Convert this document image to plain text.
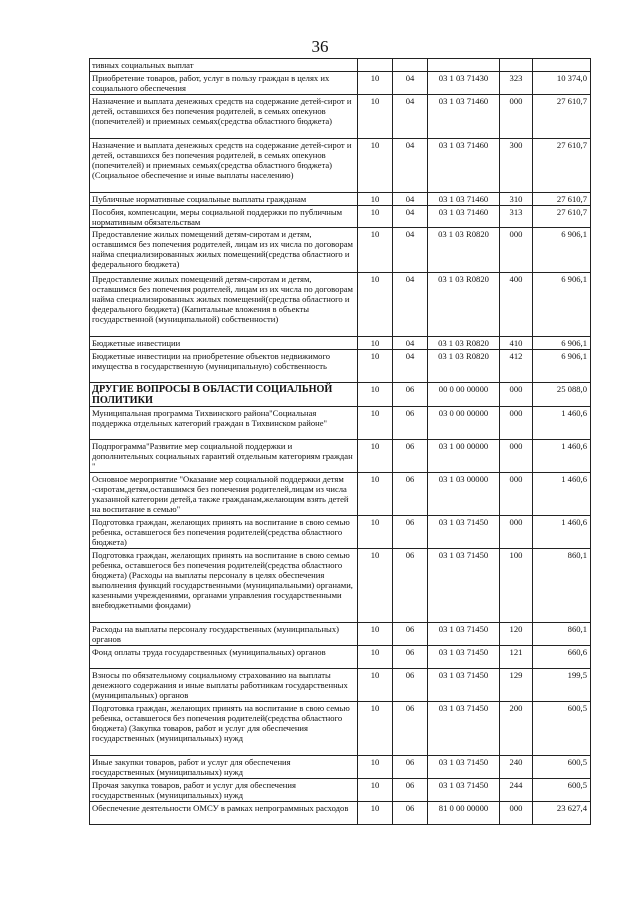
36
тивных социальных выплат					
Приобретение товаров, работ, услуг в пользу граждан в целях их социального обеспечения	10	04	03 1 03 71430	323	10 374,0
Назначение и выплата денежных средств на содержание детей-сирот и детей, оставшихся без попечения родителей, в семьях опекунов (попечителей) и приемных семьях(средства областного бюджета)	10	04	03 1 03 71460	000	27 610,7
Назначение и выплата денежных средств на содержание детей-сирот и детей, оставшихся без попечения родителей, в семьях опекунов (попечителей) и приемных семьях(средства областного бюджета) (Социальное обеспечение и иные выплаты населению)	10	04	03 1 03 71460	300	27 610,7
Публичные нормативные социальные выплаты гражданам	10	04	03 1 03 71460	310	27 610,7
Пособия, компенсации, меры социальной поддержки по публичным нормативным обязательствам	10	04	03 1 03 71460	313	27 610,7
Предоставление жилых помещений детям-сиротам и детям, оставшимся без попечения родителей, лицам из их числа по договорам найма специализированных жилых помещений(средства областного и федерального бюджета)	10	04	03 1 03 R0820	000	6 906,1
Предоставление жилых помещений детям-сиротам и детям, оставшимся без попечения родителей, лицам из их числа по договорам найма специализированных жилых помещений(средства областного и федерального бюджета) (Капитальные вложения в объекты государственной (муниципальной) собственности)	10	04	03 1 03 R0820	400	6 906,1
Бюджетные инвестиции	10	04	03 1 03 R0820	410	6 906,1
Бюджетные инвестиции на приобретение объектов недвижимого имущества в государственную (муниципальную) собственность	10	04	03 1 03 R0820	412	6 906,1
ДРУГИЕ ВОПРОСЫ В ОБЛАСТИ СОЦИАЛЬНОЙ ПОЛИТИКИ	10	06	00 0 00 00000	000	25 088,0
Муниципальная программа Тихвинского района"Социальная поддержка отдельных категорий граждан в Тихвинском районе"	10	06	03 0 00 00000	000	1 460,6
Подпрограмма"Развитие мер социальной поддержки и дополнительных социальных гарантий отдельным категориям граждан "	10	06	03 1 00 00000	000	1 460,6
Основное мероприятие "Оказание мер социальной поддержки детям -сиротам,детям,оставшимся без попечения родителей,лицам из числа указанной категории детей,а также гражданам,желающим взять детей на воспитание в семью"	10	06	03 1 03 00000	000	1 460,6
Подготовка граждан, желающих принять на воспитание в свою семью ребенка, оставшегося без попечения родителей(средства областного бюджета)	10	06	03 1 03 71450	000	1 460,6
Подготовка граждан, желающих принять на воспитание в свою семью ребенка, оставшегося без попечения родителей(средства областного бюджета) (Расходы на выплаты персоналу в целях обеспечения выполнения функций государственными (муниципальными) органами, казенными учреждениями, органами управления государственными внебюджетными фондами)	10	06	03 1 03 71450	100	860,1
Расходы на выплаты персоналу государственных (муниципальных) органов	10	06	03 1 03 71450	120	860,1
Фонд оплаты труда государственных (муниципальных) органов	10	06	03 1 03 71450	121	660,6
Взносы по обязательному социальному страхованию на выплаты денежного содержания и иные выплаты работникам государственных (муниципальных) органов	10	06	03 1 03 71450	129	199,5
Подготовка граждан, желающих принять на воспитание в свою семью ребенка, оставшегося без попечения родителей(средства областного бюджета) (Закупка товаров, работ и услуг для обеспечения государственных (муниципальных) нужд	10	06	03 1 03 71450	200	600,5
Иные закупки товаров, работ и услуг для обеспечения государственных (муниципальных) нужд	10	06	03 1 03 71450	240	600,5
Прочая закупка товаров, работ и услуг для обеспечения государственных (муниципальных) нужд	10	06	03 1 03 71450	244	600,5
Обеспечение деятельности ОМСУ в рамках непрограммных расходов	10	06	81 0 00 00000	000	23 627,4
